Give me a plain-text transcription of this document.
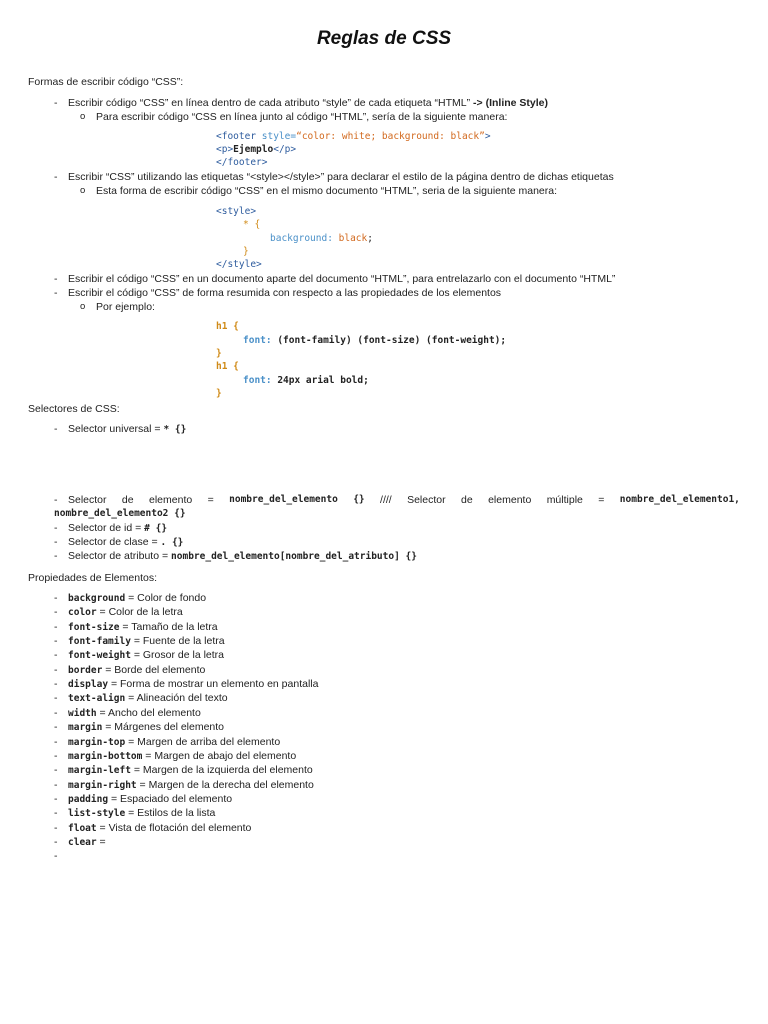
Reglas de CSS
Formas de escribir código “CSS”:
- Escribir código “CSS” en línea dentro de cada atributo “style” de cada etiqueta “HTML” -> (Inline Style)
o Para escribir código “CSS en línea junto al código “HTML”, sería de la siguiente manera:
<footer style=“color: white; background: black”>
<p>Ejemplo</p>
</footer>
- Escribir “CSS” utilizando las etiquetas “<style></style>” para declarar el estilo de la página dentro de dichas etiquetas
o Esta forma de escribir código “CSS” en el mismo documento “HTML”, seria de la siguiente manera:
<style>
* {
background: black;
}
</style>
- Escribir el código “CSS” en un documento aparte del documento “HTML”, para entrelazarlo con el documento “HTML”
- Escribir el código “CSS” de forma resumida con respecto a las propiedades de los elementos
o Por ejemplo:
h1 {
font: (font-family) (font-size) (font-weight);
}
h1 {
font: 24px arial bold;
}
Selectores de CSS:
- Selector universal = * {}
- Selector de elemento = nombre_del_elemento {} //// Selector de elemento múltiple = nombre_del_elemento1,
nombre_del_elemento2 {}
- Selector de id = # {}
- Selector de clase = . {}
- Selector de atributo = nombre_del_elemento[nombre_del_atributo] {}
Propiedades de Elementos:
- background = Color de fondo
- color = Color de la letra
- font-size = Tamaño de la letra
- font-family = Fuente de la letra
- font-weight = Grosor de la letra
- border = Borde del elemento
- display = Forma de mostrar un elemento en pantalla
- text-align = Alineación del texto
- width = Ancho del elemento
- margin = Márgenes del elemento
- margin-top = Margen de arriba del elemento
- margin-bottom = Margen de abajo del elemento
- margin-left = Margen de la izquierda del elemento
- margin-right = Margen de la derecha del elemento
- padding = Espaciado del elemento
- list-style = Estilos de la lista
- float = Vista de flotación del elemento
- clear =
-
